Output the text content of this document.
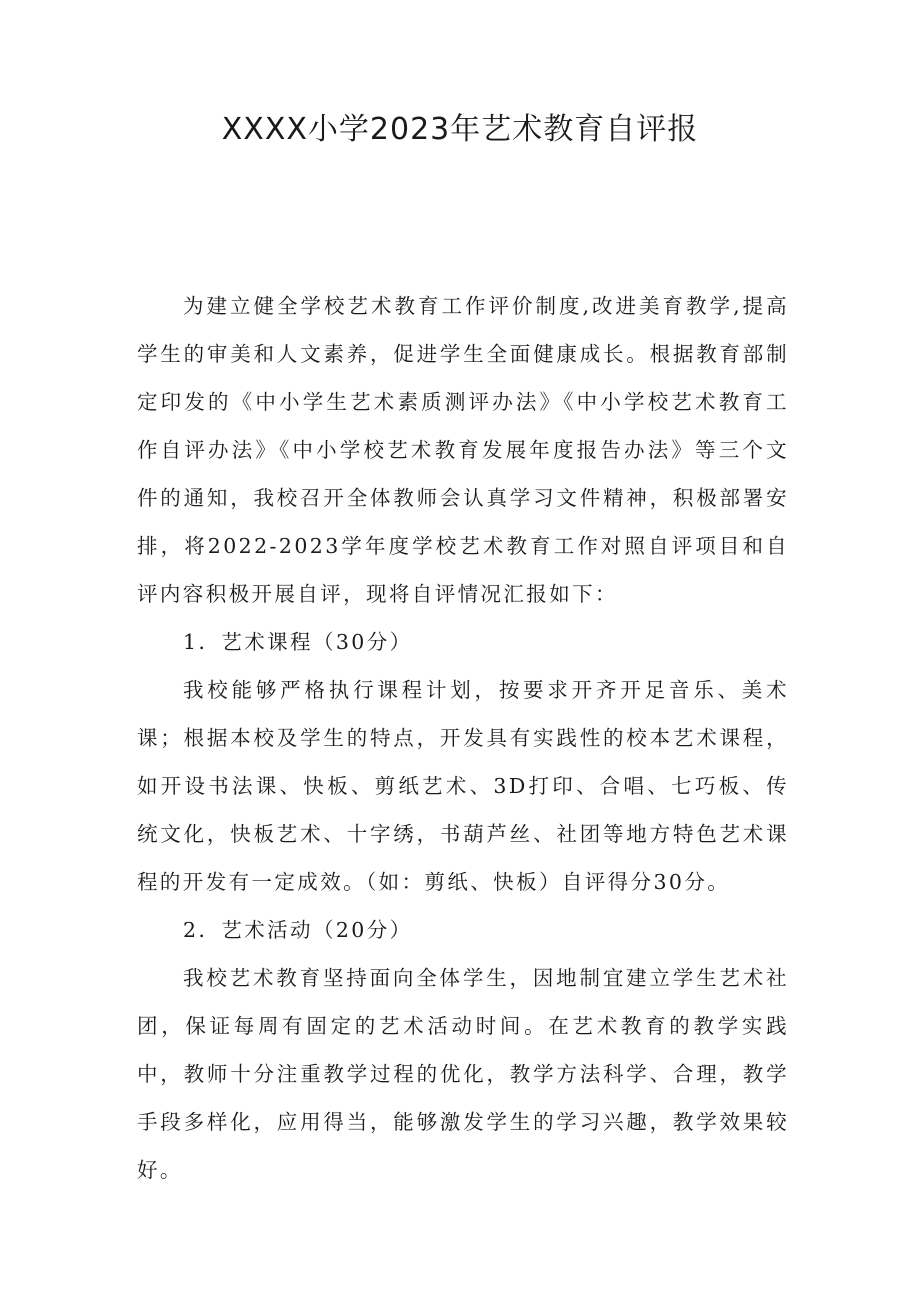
XXXX小学2023年艺术教育自评报

为建立健全学校艺术教育工作评价制度,改进美育教学,提高学生的审美和人文素养，促进学生全面健康成长。根据教育部制定印发的《中小学生艺术素质测评办法》《中小学校艺术教育工作自评办法》《中小学校艺术教育发展年度报告办法》等三个文件的通知，我校召开全体教师会认真学习文件精神，积极部署安排，将2022-2023学年度学校艺术教育工作对照自评项目和自评内容积极开展自评，现将自评情况汇报如下：

1．艺术课程（30分）

我校能够严格执行课程计划，按要求开齐开足音乐、美术课；根据本校及学生的特点，开发具有实践性的校本艺术课程，如开设书法课、快板、剪纸艺术、3D打印、合唱、七巧板、传统文化，快板艺术、十字绣，书葫芦丝、社团等地方特色艺术课程的开发有一定成效。（如：剪纸、快板）自评得分30分。

2．艺术活动（20分）

我校艺术教育坚持面向全体学生，因地制宜建立学生艺术社团，保证每周有固定的艺术活动时间。在艺术教育的教学实践中，教师十分注重教学过程的优化，教学方法科学、合理，教学手段多样化，应用得当，能够激发学生的学习兴趣，教学效果较好。
